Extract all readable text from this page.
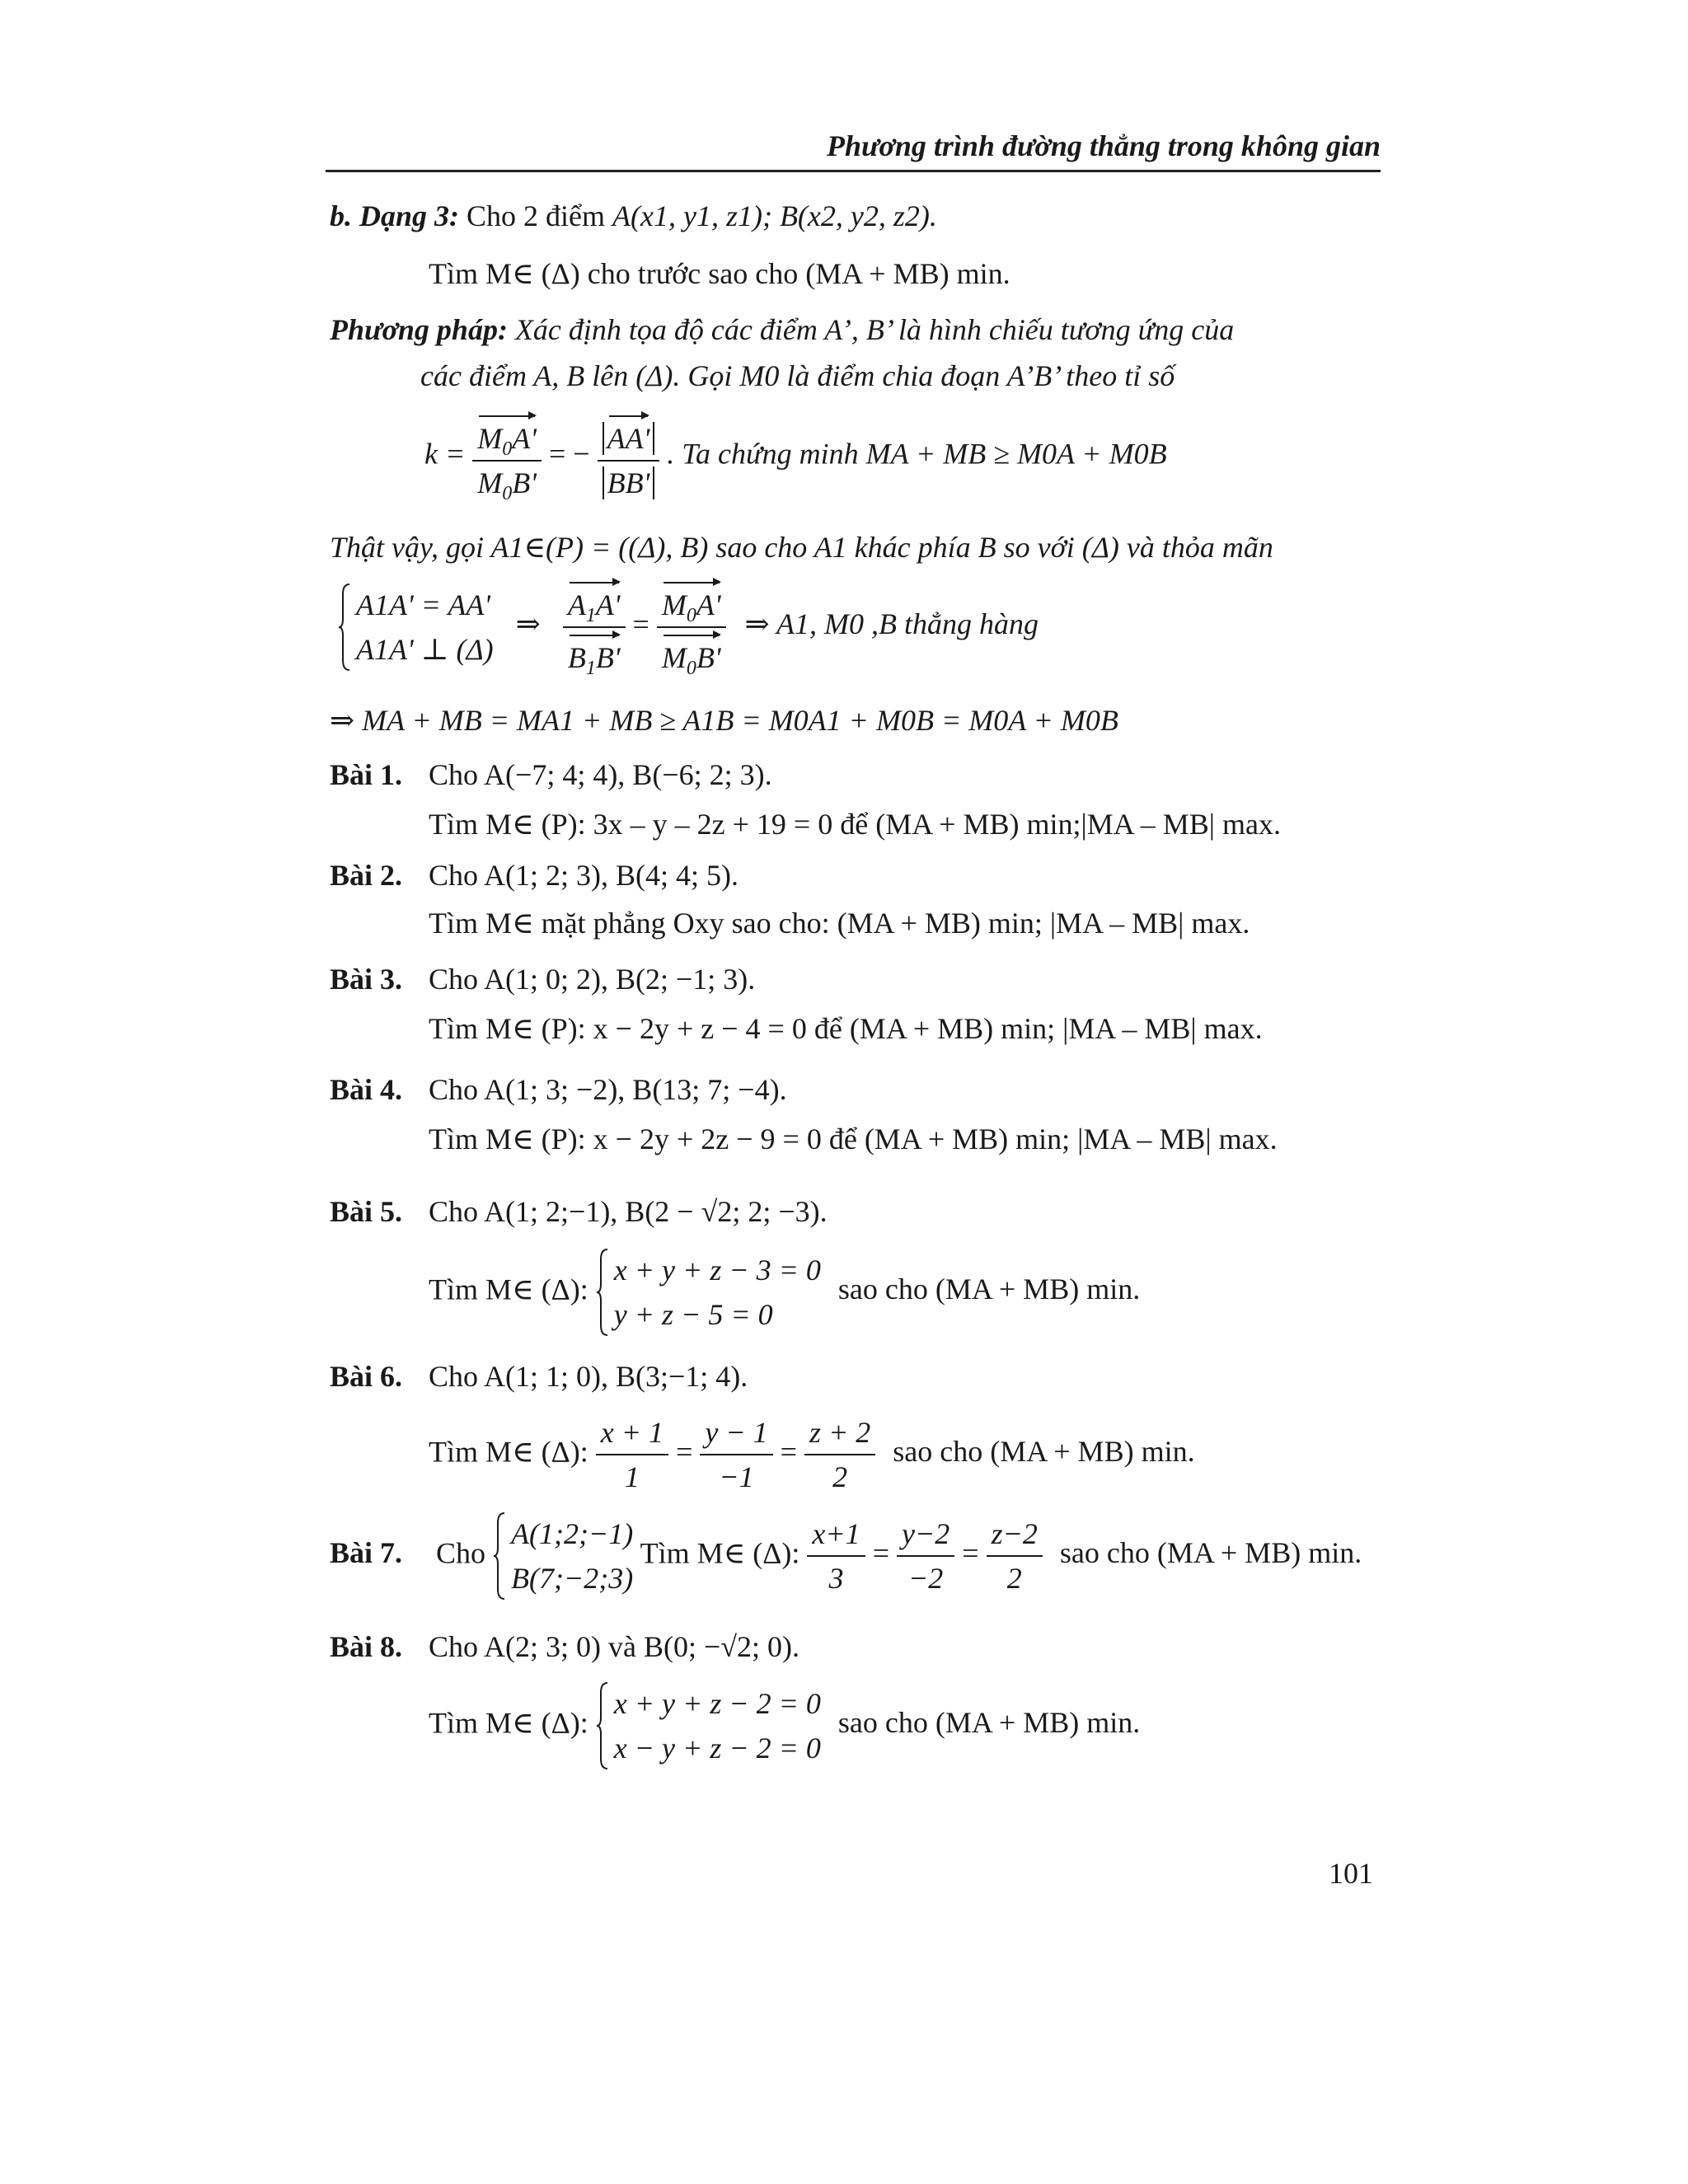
Phương trình đường thẳng trong không gian
b. Dạng 3: Cho 2 điểm A(x1, y1, z1); B(x2, y2, z2).
Tìm M∈ (Δ) cho trước sao cho (MA + MB) min.
Phương pháp: Xác định tọa độ các điểm A’, B’ là hình chiếu tương ứng của
các điểm A, B lên (Δ). Gọi M0 là điểm chia đoạn A’B’ theo tỉ số
$k = \frac{M_0A'}{M_0B'}$ = − $\frac{AA'}{BB'}$ . Ta chứng minh MA + MB ≥ M0A + M0B
Thật vậy, gọi A1∈(P) = ((Δ), B) sao cho A1 khác phía B so với (Δ) và thỏa mãn
A1A' = AA'
A1A' ⊥ (Δ)
⇒ $\frac{A_1A'}{B_1B'} = \frac{M_0A'}{M_0B'}$ ⇒ A1, M0 ,B thẳng hàng
⇒ MA + MB = MA1 + MB ≥ A1B = M0A1 + M0B = M0A + M0B
Bài 1. Cho A(−7; 4; 4), B(−6; 2; 3).
Tìm M∈ (P): 3x – y – 2z + 19 = 0 để (MA + MB) min;|MA – MB| max.
Bài 2. Cho A(1; 2; 3), B(4; 4; 5).
Tìm M∈ mặt phẳng Oxy sao cho: (MA + MB) min; |MA – MB| max.
Bài 3. Cho A(1; 0; 2), B(2; −1; 3).
Tìm M∈ (P): x − 2y + z − 4 = 0 để (MA + MB) min; |MA – MB| max.
Bài 4. Cho A(1; 3; −2), B(13; 7; −4).
Tìm M∈ (P): x − 2y + 2z − 9 = 0 để (MA + MB) min; |MA – MB| max.
Bài 5. Cho A(1; 2;−1), B(2 − √2; 2; −3).
Tìm M∈ (Δ):
x + y + z − 3 = 0
y + z − 5 = 0
sao cho (MA + MB) min.
Bài 6. Cho A(1; 1; 0), B(3;−1; 4).
Tìm M∈ (Δ): $\frac{x + 1}{1} = \frac{y - 1}{-1} = \frac{z + 2}{2}$ sao cho (MA + MB) min.
Bài 7. Cho
A(1;2;−1)
B(7;−2;3)
Tìm M∈ (Δ): $\frac{x+1}{3} = \frac{y-2}{-2} = \frac{z-2}{2}$ sao cho (MA + MB) min.
Bài 8. Cho A(2; 3; 0) và B(0; −√2; 0).
Tìm M∈ (Δ):
x + y + z − 2 = 0
x − y + z − 2 = 0
sao cho (MA + MB) min.
101
